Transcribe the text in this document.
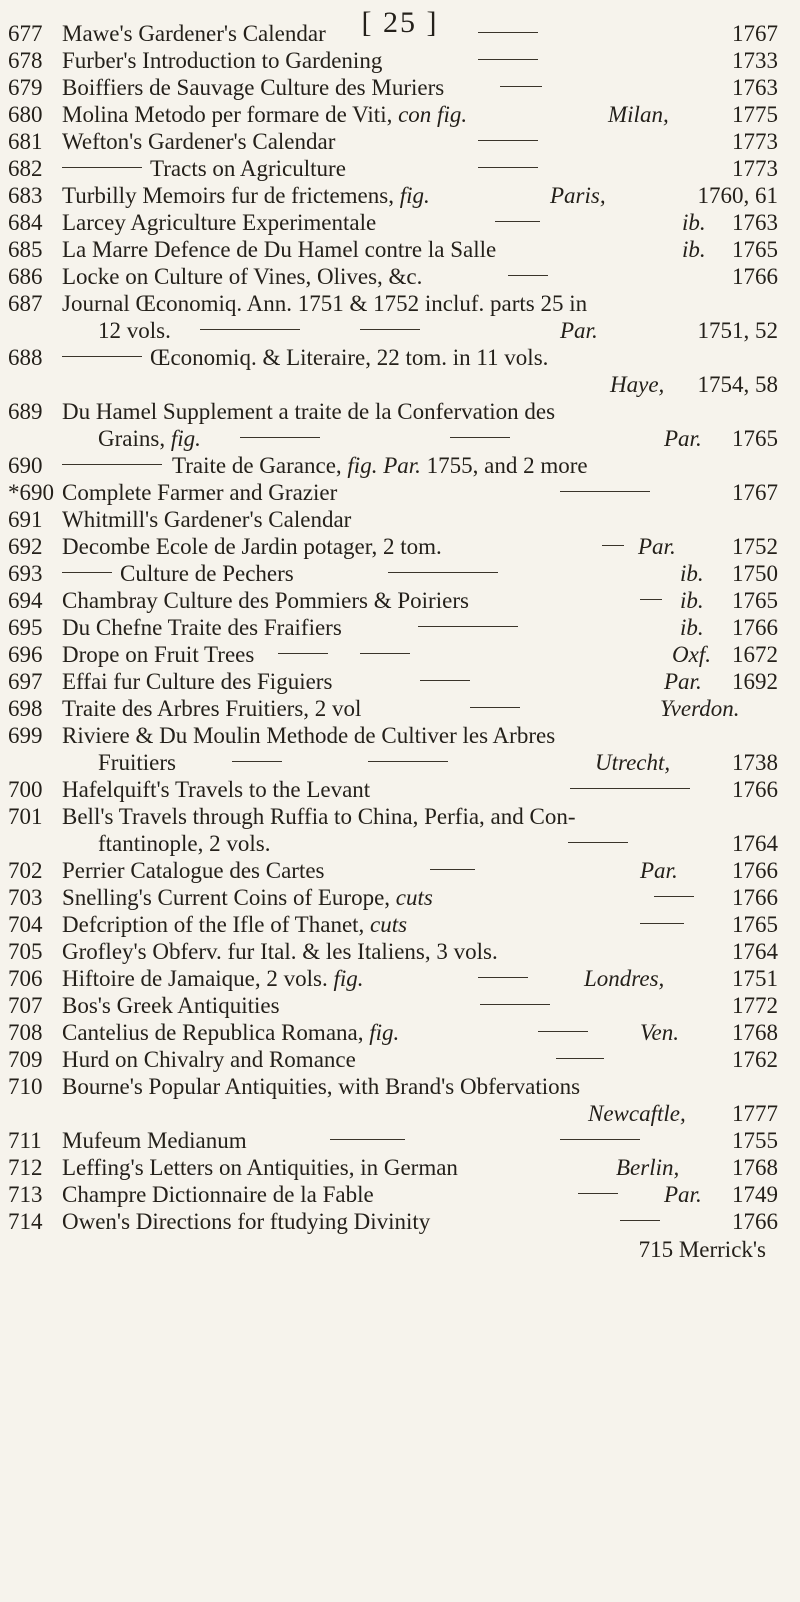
[ 25 ]
677 Mawe's Gardener's Calendar	1767
678 Furber's Introduction to Gardening	1733
679 Boiffiers de Sauvage Culture des Muriers	1763
680 Molina Metodo per formare de Viti, con fig.	Milan,	1775
681 Wefton's Gardener's Calendar	1773
682	Tracts on Agriculture	1773
683 Turbilly Memoirs fur de frictemens, fig.	Paris,	1760, 61
684 Larcey Agriculture Experimentale	ib. 1763
685 La Marre Defence de Du Hamel contre la Salle	ib. 1765
686 Locke on Culture of Vines, Olives, &c.	1766
687 Journal Œconomiq. Ann. 1751 & 1752 incluf. parts 25 in
12 vols.	Par.	1751, 52
688	Œconomiq. & Literaire, 22 tom. in 11 vols.
Haye, 1754, 58
689 Du Hamel Supplement a traite de la Confervation des
Grains, fig.	Par. 1765
690	Traite de Garance, fig. Par. 1755, and 2 more
*690 Complete Farmer and Grazier	1767
691 Whitmill's Gardener's Calendar
692 Decombe Ecole de Jardin potager, 2 tom.	Par. 1752
693	Culture de Pechers	ib. 1750
694 Chambray Culture des Pommiers & Poiriers	ib. 1765
695 Du Chefne Traite des Fraifiers	ib. 1766
696 Drope on Fruit Trees	Oxf. 1672
697 Effai fur Culture des Figuiers	Par. 1692
698 Traite des Arbres Fruitiers, 2 vol	Yverdon.
699 Riviere & Du Moulin Methode de Cultiver les Arbres
Fruitiers	Utrecht,	1738
700 Hafelquift's Travels to the Levant	1766
701 Bell's Travels through Ruffia to China, Perfia, and Con-
ftantinople, 2 vols.	1764
702 Perrier Catalogue des Cartes	Par. 1766
703 Snelling's Current Coins of Europe, cuts	1766
704 Defcription of the Ifle of Thanet, cuts	1765
705 Grofley's Obferv. fur Ital. & les Italiens, 3 vols.	1764
706 Hiftoire de Jamaique, 2 vols. fig.	Londres,	1751
707 Bos's Greek Antiquities	1772
708 Cantelius de Republica Romana, fig.	Ven. 1768
709 Hurd on Chivalry and Romance	1762
710 Bourne's Popular Antiquities, with Brand's Obfervations
Newcaftle, 1777
711 Mufeum Medianum	1755
712 Leffing's Letters on Antiquities, in German	Berlin, 1768
713 Champre Dictionnaire de la Fable	Par. 1749
714 Owen's Directions for ftudying Divinity	1766
715 Merrick's
